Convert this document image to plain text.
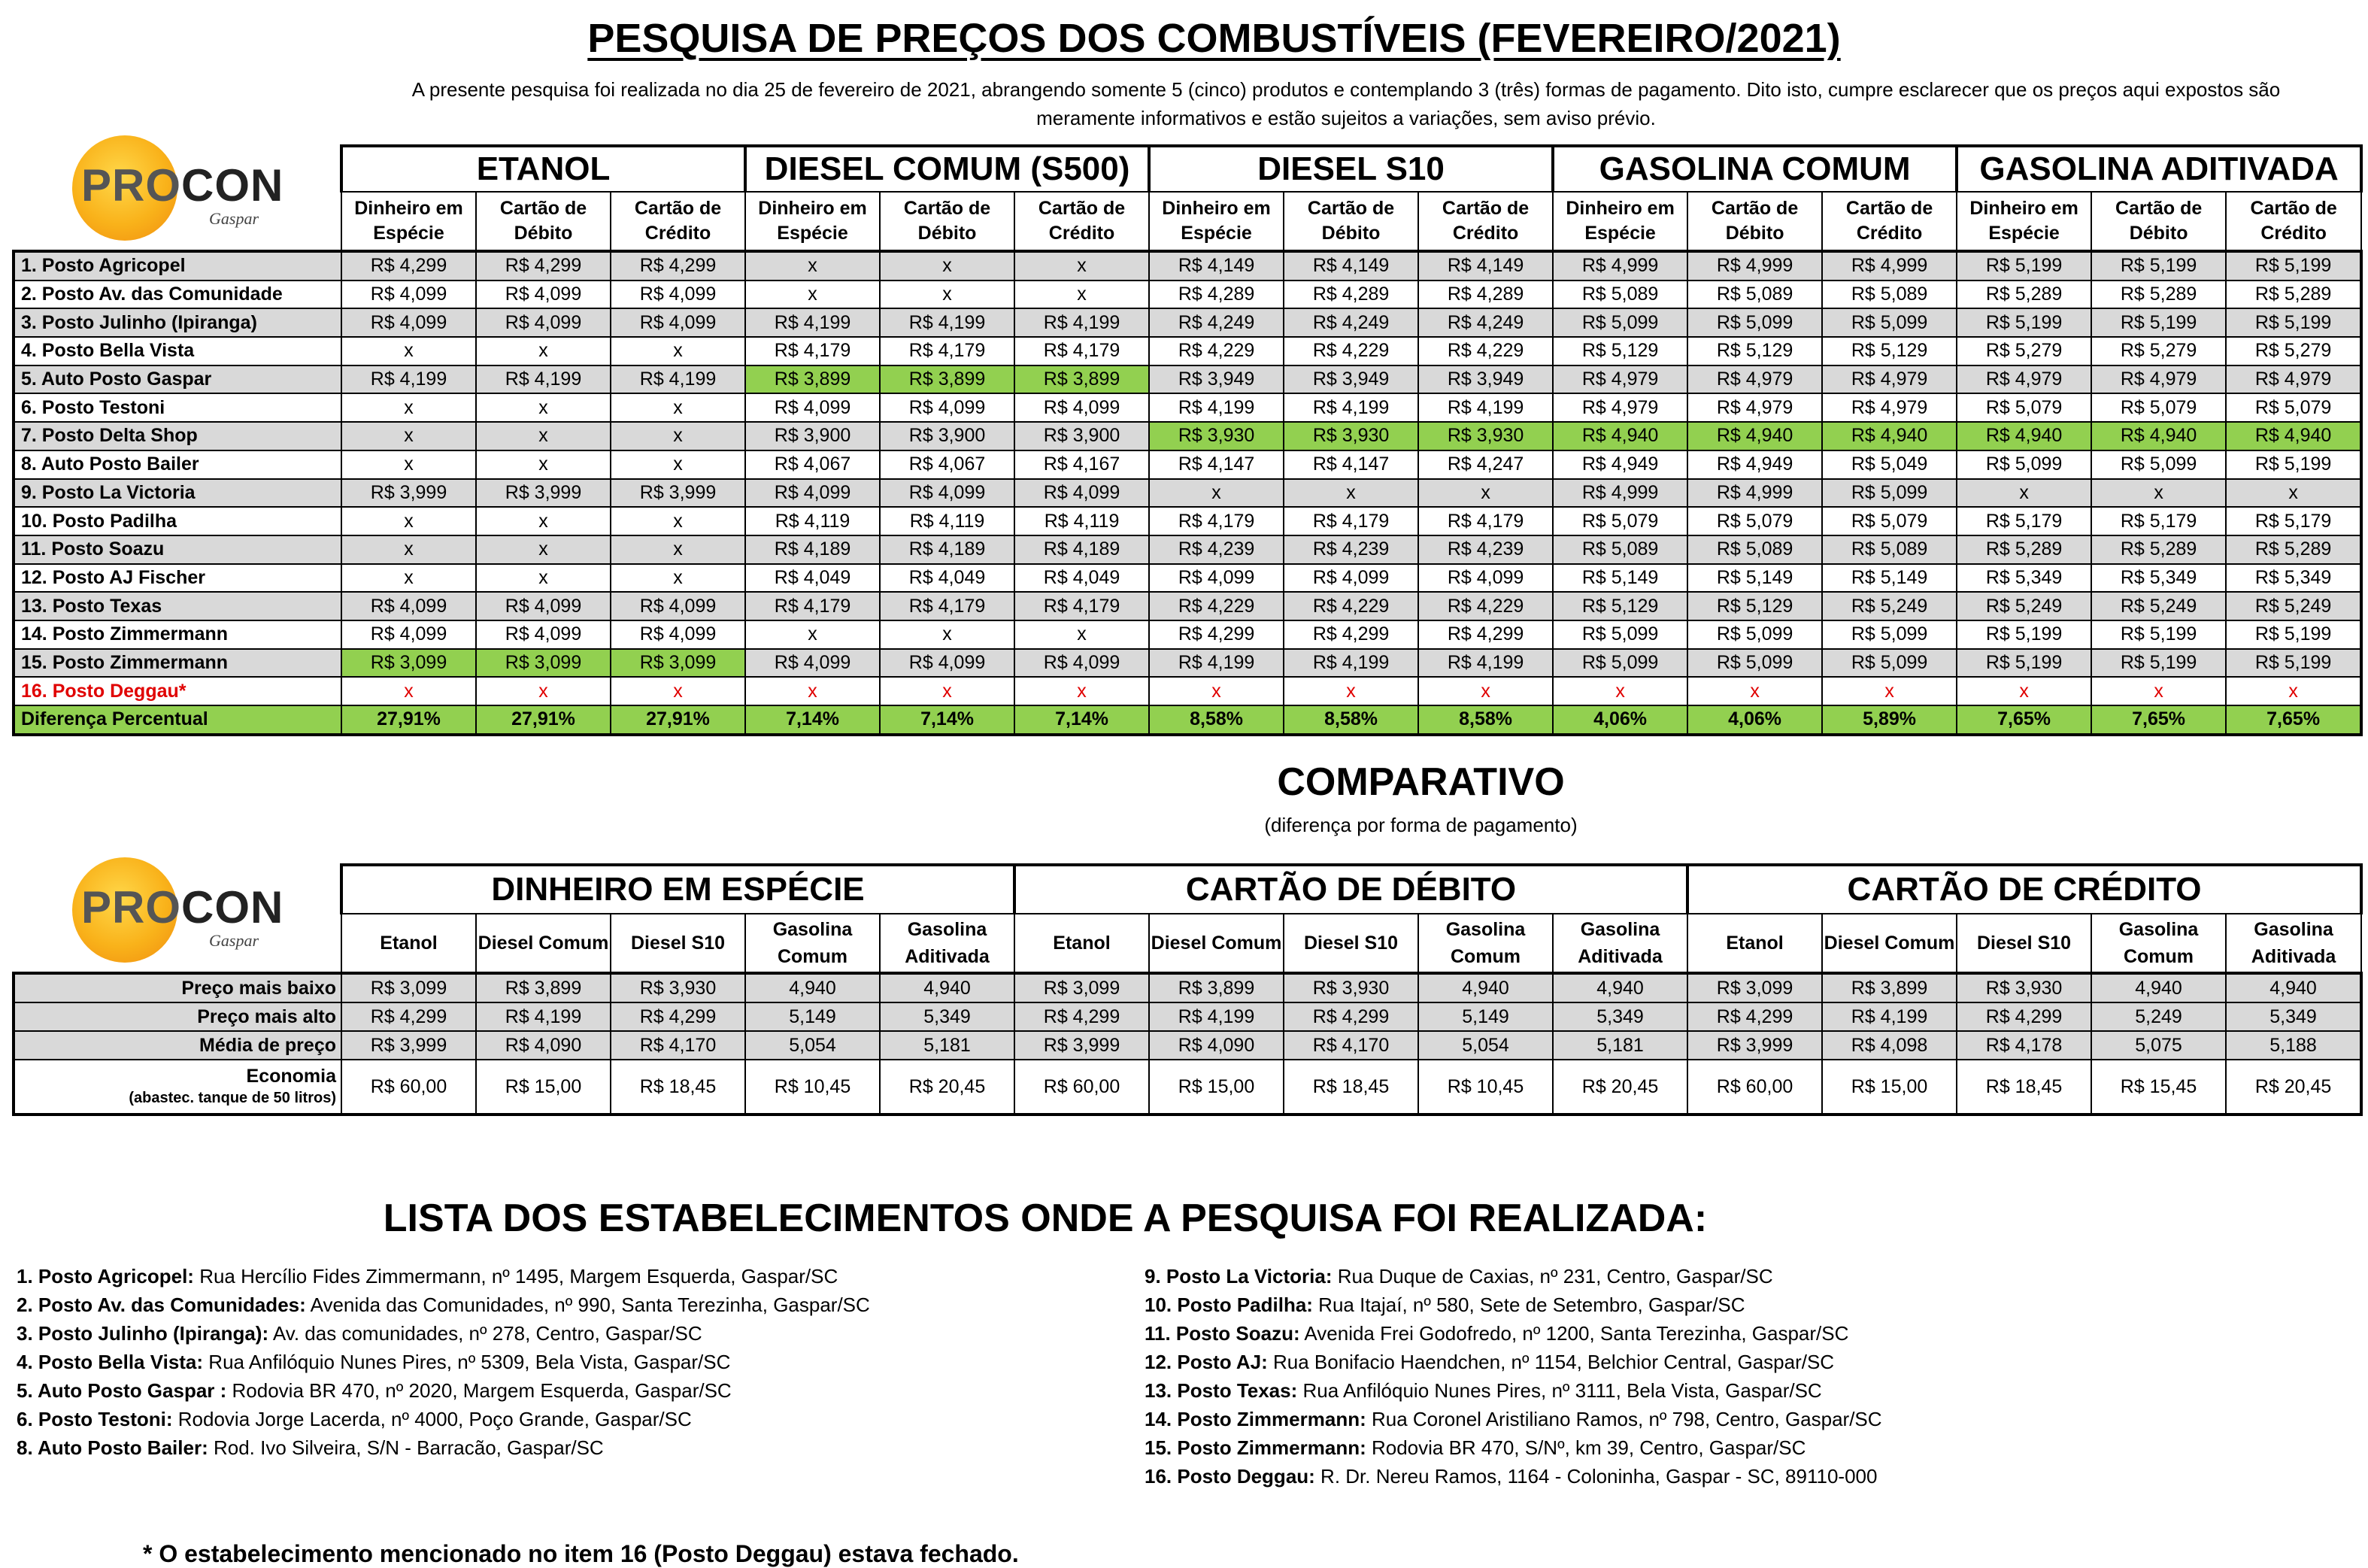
PESQUISA DE PREÇOS DOS COMBUSTÍVEIS (FEVEREIRO/2021)
A presente pesquisa foi realizada no dia 25 de fevereiro de 2021, abrangendo somente 5 (cinco) produtos e contemplando 3 (três) formas de pagamento. Dito isto, cumpre esclarecer que os preços aqui expostos são
meramente informativos e estão sujeitos a variações, sem aviso prévio.
PROCON
Gaspar
	ETANOL			DIESEL COMUM (S500)			DIESEL S10			GASOLINA COMUM			GASOLINA ADITIVADA		
	Dinheiro em Espécie	Cartão de Débito	Cartão de Crédito	Dinheiro em Espécie	Cartão de Débito	Cartão de Crédito	Dinheiro em Espécie	Cartão de Débito	Cartão de Crédito	Dinheiro em Espécie	Cartão de Débito	Cartão de Crédito	Dinheiro em Espécie	Cartão de Débito	Cartão de Crédito
1. Posto Agricopel	R$ 4,299	R$ 4,299	R$ 4,299	x	x	x	R$ 4,149	R$ 4,149	R$ 4,149	R$ 4,999	R$ 4,999	R$ 4,999	R$ 5,199	R$ 5,199	R$ 5,199
2. Posto Av. das Comunidade	R$ 4,099	R$ 4,099	R$ 4,099	x	x	x	R$ 4,289	R$ 4,289	R$ 4,289	R$ 5,089	R$ 5,089	R$ 5,089	R$ 5,289	R$ 5,289	R$ 5,289
3. Posto Julinho (Ipiranga)	R$ 4,099	R$ 4,099	R$ 4,099	R$ 4,199	R$ 4,199	R$ 4,199	R$ 4,249	R$ 4,249	R$ 4,249	R$ 5,099	R$ 5,099	R$ 5,099	R$ 5,199	R$ 5,199	R$ 5,199
4. Posto Bella Vista	x	x	x	R$ 4,179	R$ 4,179	R$ 4,179	R$ 4,229	R$ 4,229	R$ 4,229	R$ 5,129	R$ 5,129	R$ 5,129	R$ 5,279	R$ 5,279	R$ 5,279
5. Auto Posto Gaspar	R$ 4,199	R$ 4,199	R$ 4,199	R$ 3,899	R$ 3,899	R$ 3,899	R$ 3,949	R$ 3,949	R$ 3,949	R$ 4,979	R$ 4,979	R$ 4,979	R$ 4,979	R$ 4,979	R$ 4,979
6. Posto Testoni	x	x	x	R$ 4,099	R$ 4,099	R$ 4,099	R$ 4,199	R$ 4,199	R$ 4,199	R$ 4,979	R$ 4,979	R$ 4,979	R$ 5,079	R$ 5,079	R$ 5,079
7. Posto Delta Shop	x	x	x	R$ 3,900	R$ 3,900	R$ 3,900	R$ 3,930	R$ 3,930	R$ 3,930	R$ 4,940	R$ 4,940	R$ 4,940	R$ 4,940	R$ 4,940	R$ 4,940
8. Auto Posto Bailer	x	x	x	R$ 4,067	R$ 4,067	R$ 4,167	R$ 4,147	R$ 4,147	R$ 4,247	R$ 4,949	R$ 4,949	R$ 5,049	R$ 5,099	R$ 5,099	R$ 5,199
9. Posto La Victoria	R$ 3,999	R$ 3,999	R$ 3,999	R$ 4,099	R$ 4,099	R$ 4,099	x	x	x	R$ 4,999	R$ 4,999	R$ 5,099	x	x	x
10. Posto Padilha	x	x	x	R$ 4,119	R$ 4,119	R$ 4,119	R$ 4,179	R$ 4,179	R$ 4,179	R$ 5,079	R$ 5,079	R$ 5,079	R$ 5,179	R$ 5,179	R$ 5,179
11. Posto Soazu	x	x	x	R$ 4,189	R$ 4,189	R$ 4,189	R$ 4,239	R$ 4,239	R$ 4,239	R$ 5,089	R$ 5,089	R$ 5,089	R$ 5,289	R$ 5,289	R$ 5,289
12. Posto AJ Fischer	x	x	x	R$ 4,049	R$ 4,049	R$ 4,049	R$ 4,099	R$ 4,099	R$ 4,099	R$ 5,149	R$ 5,149	R$ 5,149	R$ 5,349	R$ 5,349	R$ 5,349
13. Posto Texas	R$ 4,099	R$ 4,099	R$ 4,099	R$ 4,179	R$ 4,179	R$ 4,179	R$ 4,229	R$ 4,229	R$ 4,229	R$ 5,129	R$ 5,129	R$ 5,249	R$ 5,249	R$ 5,249	R$ 5,249
14. Posto Zimmermann	R$ 4,099	R$ 4,099	R$ 4,099	x	x	x	R$ 4,299	R$ 4,299	R$ 4,299	R$ 5,099	R$ 5,099	R$ 5,099	R$ 5,199	R$ 5,199	R$ 5,199
15. Posto Zimmermann	R$ 3,099	R$ 3,099	R$ 3,099	R$ 4,099	R$ 4,099	R$ 4,099	R$ 4,199	R$ 4,199	R$ 4,199	R$ 5,099	R$ 5,099	R$ 5,099	R$ 5,199	R$ 5,199	R$ 5,199
16. Posto Deggau*	x	x	x	x	x	x	x	x	x	x	x	x	x	x	x
Diferença Percentual	27,91%	27,91%	27,91%	7,14%	7,14%	7,14%	8,58%	8,58%	8,58%	4,06%	4,06%	5,89%	7,65%	7,65%	7,65%
COMPARATIVO
(diferença por forma de pagamento)
PROCON
Gaspar
	DINHEIRO EM ESPÉCIE					CARTÃO DE DÉBITO					CARTÃO DE CRÉDITO				
	Etanol	Diesel Comum	Diesel S10	Gasolina Comum	Gasolina Aditivada	Etanol	Diesel Comum	Diesel S10	Gasolina Comum	Gasolina Aditivada	Etanol	Diesel Comum	Diesel S10	Gasolina Comum	Gasolina Aditivada
Preço mais baixo	R$ 3,099	R$ 3,899	R$ 3,930	4,940	4,940	R$ 3,099	R$ 3,899	R$ 3,930	4,940	4,940	R$ 3,099	R$ 3,899	R$ 3,930	4,940	4,940
Preço mais alto	R$ 4,299	R$ 4,199	R$ 4,299	5,149	5,349	R$ 4,299	R$ 4,199	R$ 4,299	5,149	5,349	R$ 4,299	R$ 4,199	R$ 4,299	5,249	5,349
Média de preço	R$ 3,999	R$ 4,090	R$ 4,170	5,054	5,181	R$ 3,999	R$ 4,090	R$ 4,170	5,054	5,181	R$ 3,999	R$ 4,098	R$ 4,178	5,075	5,188

Economia
(abastec. tanque de 50 litros)	R$ 60,00	R$ 15,00	R$ 18,45	R$ 10,45	R$ 20,45	R$ 60,00	R$ 15,00	R$ 18,45	R$ 10,45	R$ 20,45	R$ 60,00	R$ 15,00	R$ 18,45	R$ 15,45	R$ 20,45
LISTA DOS ESTABELECIMENTOS ONDE A PESQUISA FOI REALIZADA:
1. Posto Agricopel: Rua Hercílio Fides Zimmermann, nº 1495, Margem Esquerda, Gaspar/SC
2. Posto Av. das Comunidades: Avenida das Comunidades, nº 990, Santa Terezinha, Gaspar/SC
3. Posto Julinho (Ipiranga): Av. das comunidades, nº 278, Centro, Gaspar/SC
4. Posto Bella Vista: Rua Anfilóquio Nunes Pires, nº 5309, Bela Vista, Gaspar/SC
5. Auto Posto Gaspar : Rodovia BR 470, nº 2020, Margem Esquerda, Gaspar/SC
6. Posto Testoni: Rodovia Jorge Lacerda, nº 4000, Poço Grande, Gaspar/SC
8. Auto Posto Bailer: Rod. Ivo Silveira, S/N - Barracão, Gaspar/SC
9. Posto La Victoria: Rua Duque de Caxias, nº 231, Centro, Gaspar/SC
10. Posto Padilha: Rua Itajaí, nº 580, Sete de Setembro, Gaspar/SC
11. Posto Soazu: Avenida Frei Godofredo, nº 1200, Santa Terezinha, Gaspar/SC
12. Posto AJ: Rua Bonifacio Haendchen, nº 1154, Belchior Central, Gaspar/SC
13. Posto Texas: Rua Anfilóquio Nunes Pires, nº 3111, Bela Vista, Gaspar/SC
14. Posto Zimmermann: Rua Coronel Aristiliano Ramos, nº 798, Centro, Gaspar/SC
15. Posto Zimmermann: Rodovia BR 470, S/Nº, km 39, Centro, Gaspar/SC
16. Posto Deggau: R. Dr. Nereu Ramos, 1164 - Coloninha, Gaspar - SC, 89110-000
* O estabelecimento mencionado no item 16 (Posto Deggau) estava fechado.
